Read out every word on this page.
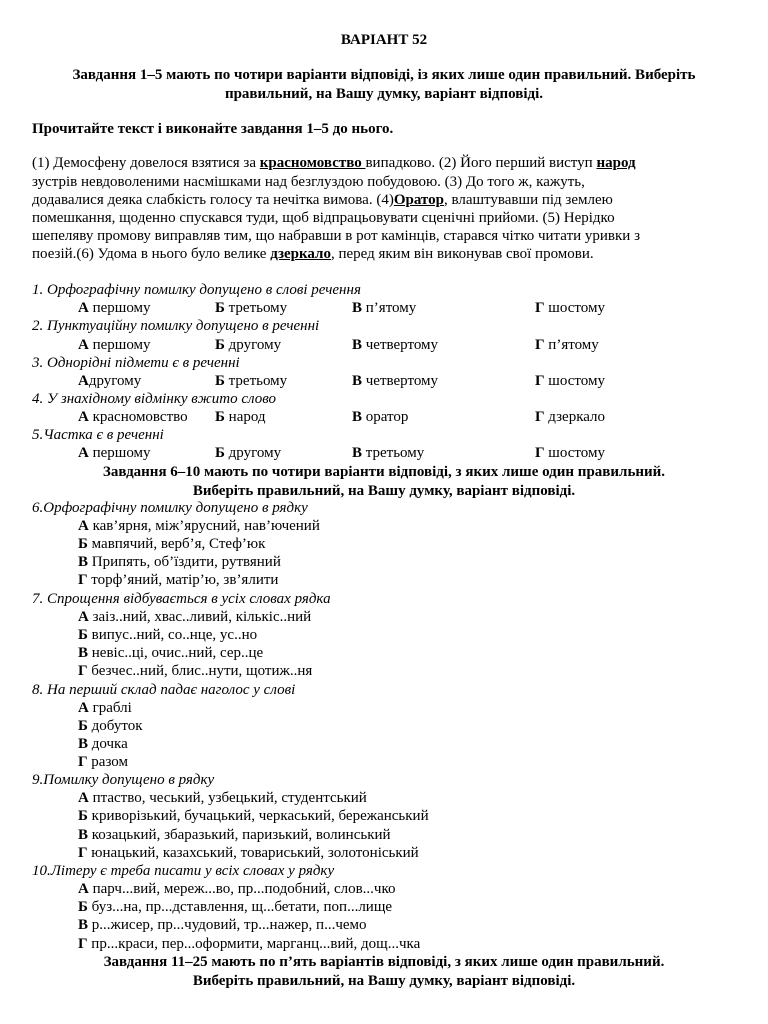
ВАРІАНТ 52
Завдання 1–5 мають по чотири варіанти відповіді, із яких лише один правильний. Виберіть
правильний, на Вашу думку, варіант відповіді.
Прочитайте текст і виконайте завдання 1–5 до нього.
(1) Демосфену довелося взятися за красномовство випадково. (2) Його перший виступ народ
зустрів невдоволеними насмішками над безглуздою побудовою. (3) До того ж, кажуть,
додавалися деяка слабкість голосу та нечітка вимова. (4)Оратор, влаштувавши під землею
помешкання, щоденно спускався туди, щоб відпрацьовувати сценічні прийоми. (5) Нерідко
шепеляву промову виправляв тим, що набравши в рот камінців, старався чітко читати уривки з
поезій.(6) Удома в нього було велике дзеркало, перед яким він виконував свої промови.
1. Орфографічну помилку допущено в слові речення
А першому	Б третьому	В п’ятому	Г шостому
2. Пунктуаційну помилку допущено в реченні
А першому	Б другому	В четвертому	Г п’ятому
3. Однорідні підмети є в реченні
Адругому	Б третьому	В четвертому	Г шостому
4. У знахідному відмінку вжито слово
А красномовство Б народ	В оратор	Г дзеркало
5.Частка є в реченні
А першому	Б другому	В третьому	Г шостому
Завдання 6–10 мають по чотири варіанти відповіді, з яких лише один правильний.
Виберіть правильний, на Вашу думку, варіант відповіді.
6.Орфографічну помилку допущено в рядку
А кав’ярня, між’ярусний, нав’ючений
Б мавпячий, верб’я, Стеф’юк
В Припять, об’їздити, рутвяний
Г торф’яний, матір’ю, зв’ялити
7. Спрощення відбувається в усіх словах рядка
А заіз..ний, хвас..ливий, кількіс..ний
Б випус..ний, со..нце, ус..но
В невіс..ці, очис..ний, сер..це
Г безчес..ний, блис..нути, щотиж..ня
8. На перший склад падає наголос у слові
А граблі
Б добуток
В дочка
Г разом
9.Помилку допущено в рядку
А птаство, чеський, узбецький, студентський
Б криворізький, бучацький, черкаський, бережанський
В козацький, збаразький, паризький, волинський
Г юнацький, казахський, товариський, золотоніський
10.Літеру є треба писати у всіх словах у рядку
А парч...вий, мереж...во, пр...подобний, слов...чко
Б буз...на, пр...дставлення, щ...бетати, поп...лище
В р...жисер, пр...чудовий, тр...нажер, п...чемо
Г пр...краси, пер...оформити, марганц...вий, дощ...чка
Завдання 11–25 мають по п’ять варіантів відповіді, з яких лише один правильний.
Виберіть правильний, на Вашу думку, варіант відповіді.
